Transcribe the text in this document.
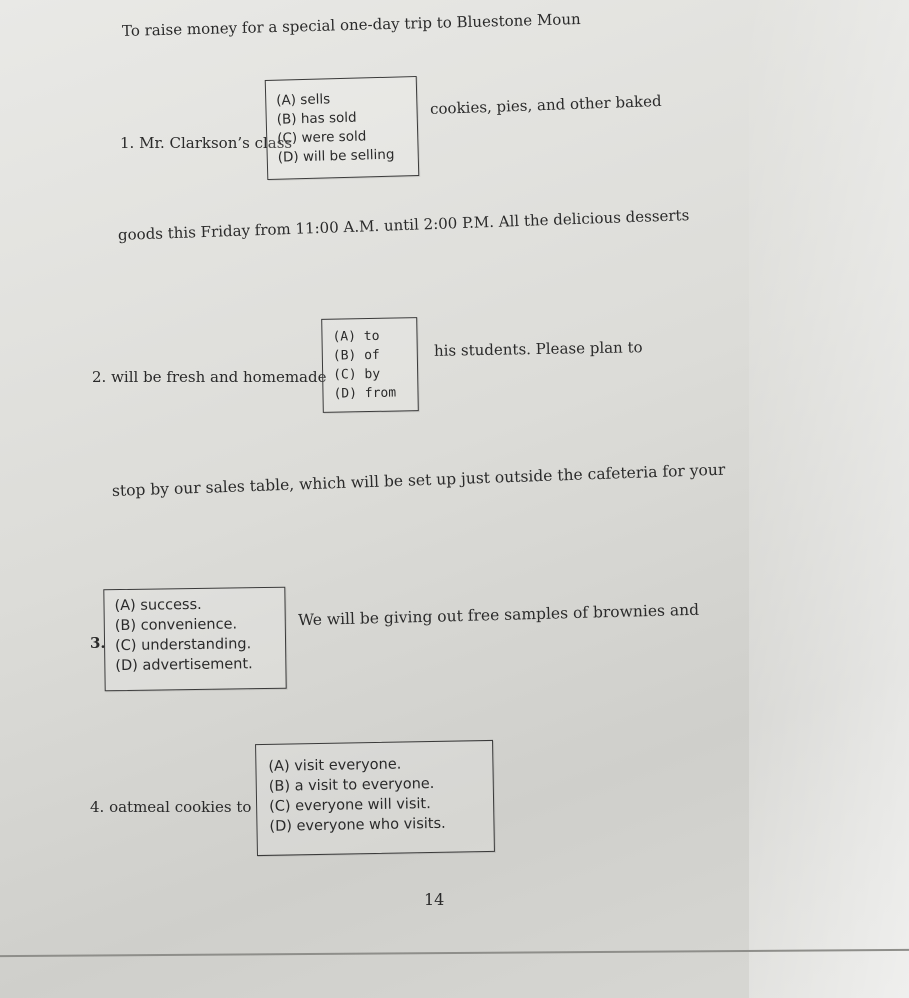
To raise money for a special one-day trip to Bluestone Moun
1. Mr. Clarkson’s class
(A) sells
(B) has sold
(C) were sold
(D) will be selling
cookies, pies, and other baked
goods this Friday from 11:00 A.M. until 2:00 P.M. All the delicious desserts
2. will be fresh and homemade
(A) to
(B) of
(C) by
(D) from
his students. Please plan to
stop by our sales table, which will be set up just outside the cafeteria for your
3.
(A) success.
(B) convenience.
(C) understanding.
(D) advertisement.
We will be giving out free samples of brownies and
4. oatmeal cookies to
(A) visit everyone.
(B) a visit to everyone.
(C) everyone will visit.
(D) everyone who visits.
14
